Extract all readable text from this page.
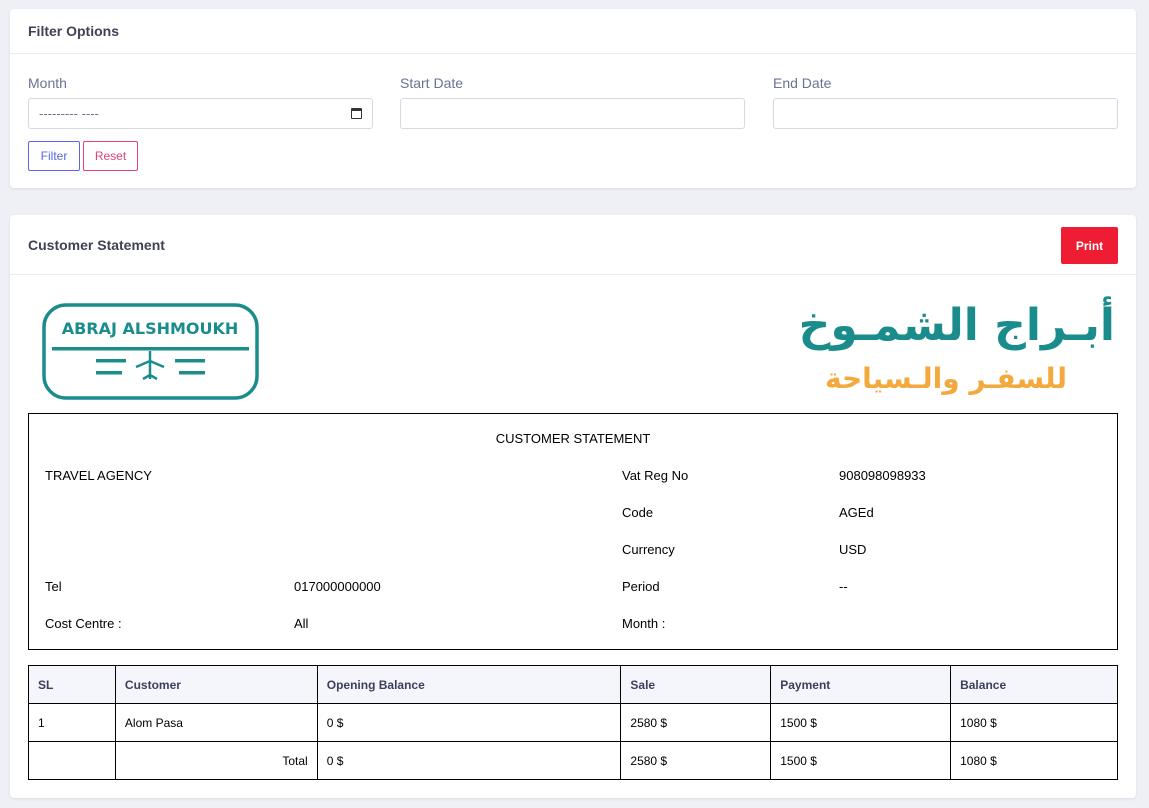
Filter Options
Month
--------- ----
Start Date	End Date
Filter	Reset
Customer Statement	Print
ABRAJ ALSHMOUKH	أبـراج الشمـوخ
للسفـر والـسياحة
CUSTOMER STATEMENT
TRAVEL AGENCY
Tel	017000000000
Cost Centre :	All
Vat Reg No	908098098933
Code	AGEd
Currency	USD
Period	--
Month :
SL	Customer	Opening Balance	Sale	Payment	Balance
1	Alom Pasa	0 $	2580 $	1500 $	1080 $
	Total	0 $	2580 $	1500 $	1080 $
